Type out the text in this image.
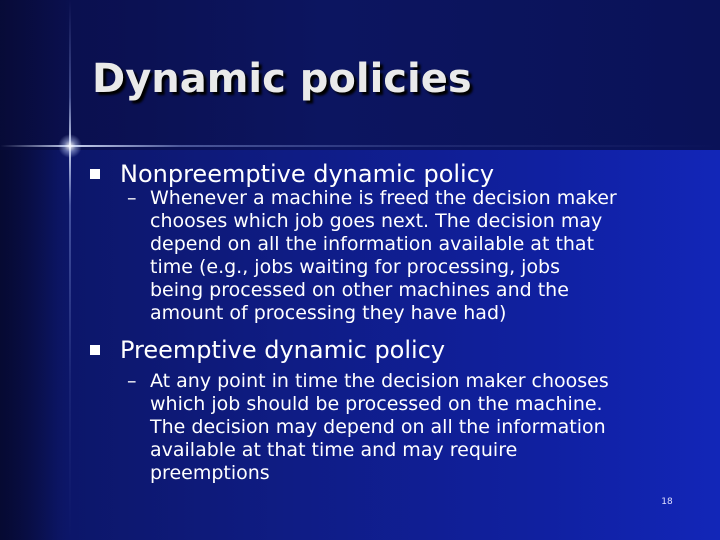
Dynamic policies
Nonpreemptive dynamic policy
– Whenever a machine is freed the decision maker
chooses which job goes next. The decision may
depend on all the information available at that
time (e.g., jobs waiting for processing, jobs
being processed on other machines and the
amount of processing they have had)

Preemptive dynamic policy
– At any point in time the decision maker chooses
which job should be processed on the machine.
The decision may depend on all the information
available at that time and may require
preemptions

18
